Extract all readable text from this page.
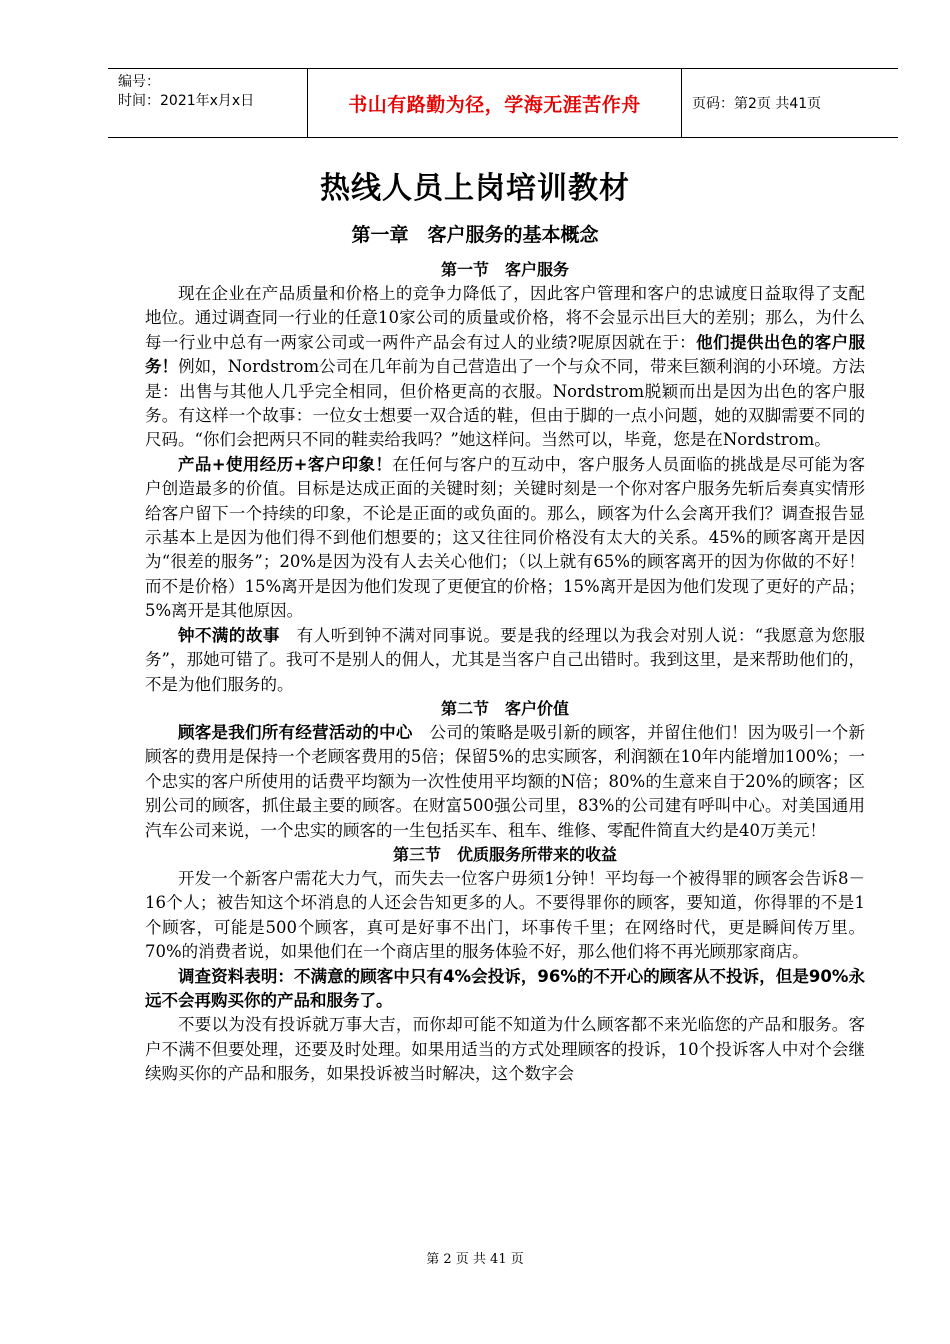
编号：
时间：2021年x月x日	书山有路勤为径，学海无涯苦作舟	页码：第2页 共41页
热线人员上岗培训教材
第一章　客户服务的基本概念
第一节　客户服务

现在企业在产品质量和价格上的竞争力降低了，因此客户管理和客户的忠诚度日益取得了支配地位。通过调查同一行业的任意10家公司的质量或价格，将不会显示出巨大的差别；那么，为什么每一行业中总有一两家公司或一两件产品会有过人的业绩?呢原因就在于：他们提供出色的客户服务！例如，Nordstrom公司在几年前为自己营造出了一个与众不同，带来巨额利润的小环境。方法是：出售与其他人几乎完全相同，但价格更高的衣服。Nordstrom脱颖而出是因为出色的客户服务。有这样一个故事：一位女士想要一双合适的鞋，但由于脚的一点小问题，她的双脚需要不同的尺码。“你们会把两只不同的鞋卖给我吗？”她这样问。当然可以，毕竟，您是在Nordstrom。

产品+使用经历+客户印象！在任何与客户的互动中，客户服务人员面临的挑战是尽可能为客户创造最多的价值。目标是达成正面的关键时刻；关键时刻是一个你对客户服务先斩后奏真实情形给客户留下一个持续的印象，不论是正面的或负面的。那么，顾客为什么会离开我们？调查报告显示基本上是因为他们得不到他们想要的；这又往往同价格没有太大的关系。45%的顾客离开是因为“很差的服务”；20%是因为没有人去关心他们；（以上就有65%的顾客离开的因为你做的不好！而不是价格）15%离开是因为他们发现了更便宜的价格；15%离开是因为他们发现了更好的产品；5%离开是其他原因。

钟不满的故事　有人听到钟不满对同事说。要是我的经理以为我会对别人说：“我愿意为您服务”，那她可错了。我可不是别人的佣人，尤其是当客户自己出错时。我到这里，是来帮助他们的，不是为他们服务的。

第二节　客户价值

顾客是我们所有经营活动的中心　公司的策略是吸引新的顾客，并留住他们！因为吸引一个新顾客的费用是保持一个老顾客费用的5倍；保留5%的忠实顾客，利润额在10年内能增加100%；一个忠实的客户所使用的话费平均额为一次性使用平均额的N倍；80%的生意来自于20%的顾客；区别公司的顾客，抓住最主要的顾客。在财富500强公司里，83%的公司建有呼叫中心。对美国通用汽车公司来说，一个忠实的顾客的一生包括买车、租车、维修、零配件简直大约是40万美元！

第三节　优质服务所带来的收益

开发一个新客户需花大力气，而失去一位客户毋须1分钟！平均每一个被得罪的顾客会告诉8－16个人；被告知这个坏消息的人还会告知更多的人。不要得罪你的顾客，要知道，你得罪的不是1个顾客，可能是500个顾客，真可是好事不出门，坏事传千里；在网络时代，更是瞬间传万里。70%的消费者说，如果他们在一个商店里的服务体验不好，那么他们将不再光顾那家商店。

调查资料表明：不满意的顾客中只有4%会投诉，96%的不开心的顾客从不投诉，但是90%永远不会再购买你的产品和服务了。

不要以为没有投诉就万事大吉，而你却可能不知道为什么顾客都不来光临您的产品和服务。客户不满不但要处理，还要及时处理。如果用适当的方式处理顾客的投诉，10个投诉客人中对个会继续购买你的产品和服务，如果投诉被当时解决，这个数字会

第 2 页 共 41 页
